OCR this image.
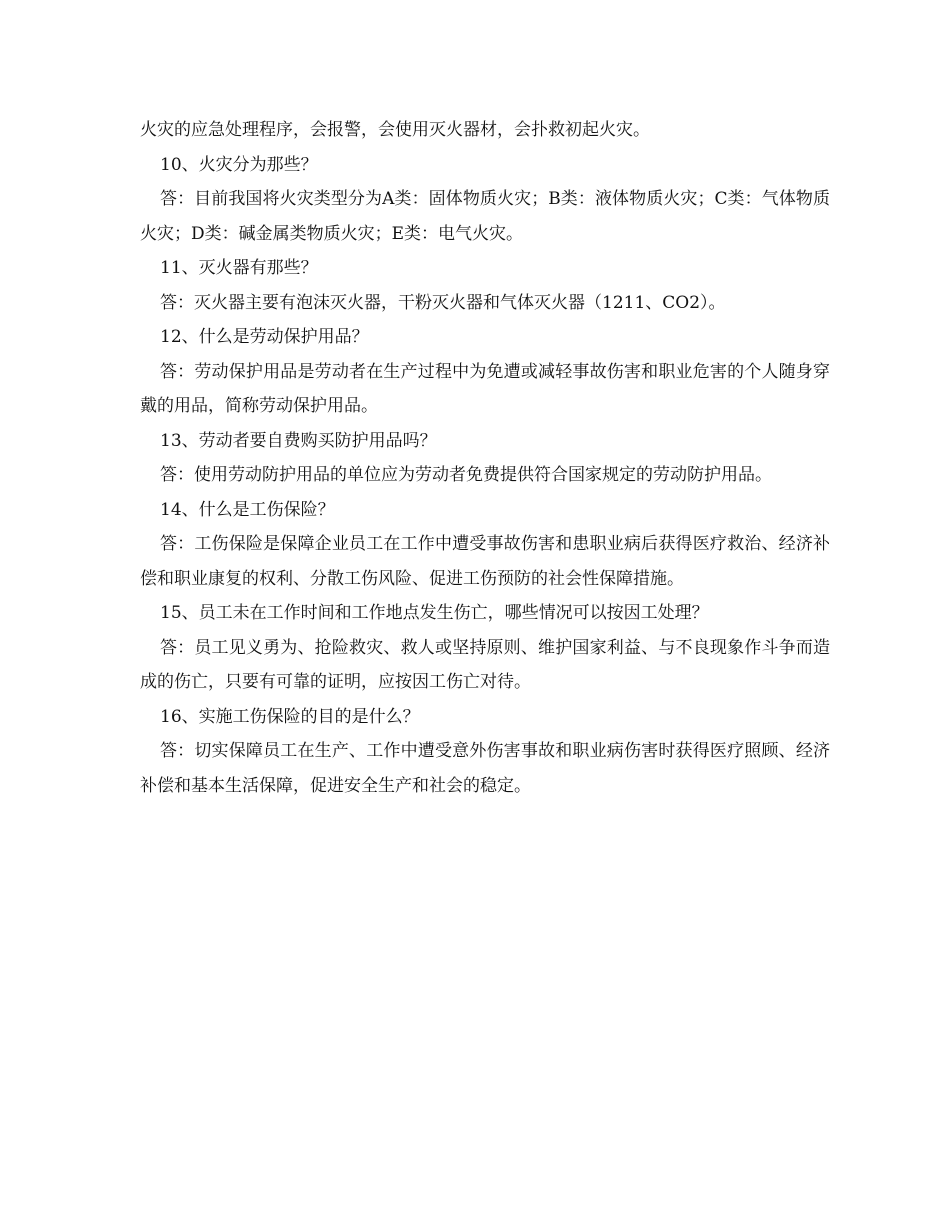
火灾的应急处理程序，会报警，会使用灭火器材，会扑救初起火灾。

10、火灾分为那些？

答：目前我国将火灾类型分为A类：固体物质火灾；B类：液体物质火灾；C类：气体物质火灾；D类：碱金属类物质火灾；E类：电气火灾。

11、灭火器有那些？

答：灭火器主要有泡沫灭火器，干粉灭火器和气体灭火器（1211、CO2）。

12、什么是劳动保护用品？

答：劳动保护用品是劳动者在生产过程中为免遭或减轻事故伤害和职业危害的个人随身穿戴的用品，简称劳动保护用品。

13、劳动者要自费购买防护用品吗？

答：使用劳动防护用品的单位应为劳动者免费提供符合国家规定的劳动防护用品。

14、什么是工伤保险？

答：工伤保险是保障企业员工在工作中遭受事故伤害和患职业病后获得医疗救治、经济补偿和职业康复的权利、分散工伤风险、促进工伤预防的社会性保障措施。

15、员工未在工作时间和工作地点发生伤亡，哪些情况可以按因工处理？

答：员工见义勇为、抢险救灾、救人或坚持原则、维护国家利益、与不良现象作斗争而造成的伤亡，只要有可靠的证明，应按因工伤亡对待。

16、实施工伤保险的目的是什么？

答：切实保障员工在生产、工作中遭受意外伤害事故和职业病伤害时获得医疗照顾、经济补偿和基本生活保障，促进安全生产和社会的稳定。
